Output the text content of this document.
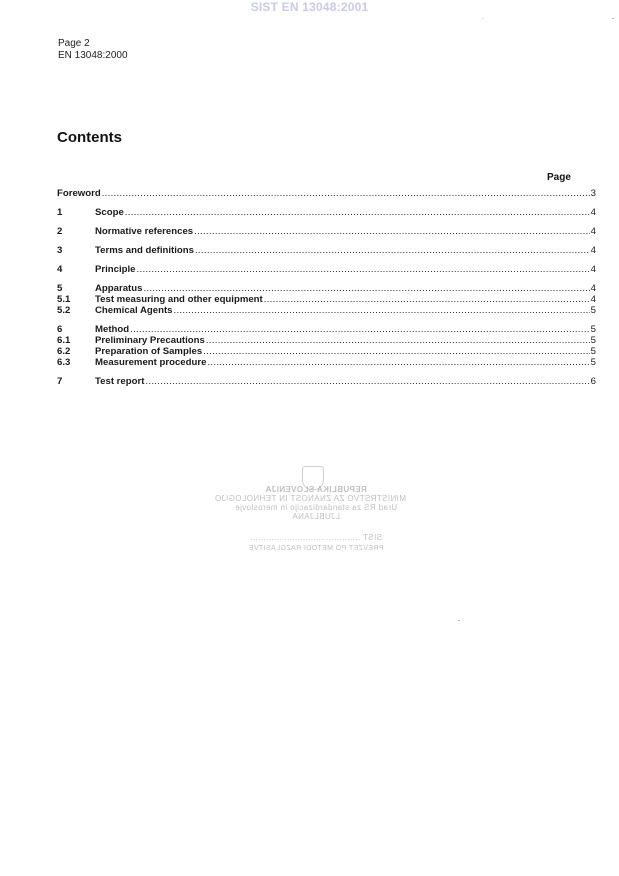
SIST EN 13048:2001
Page 2
EN 13048:2000
Contents
Page
Foreword .....	3
1	Scope .....	4
2	Normative references .....	4
3	Terms and definitions .....	4
4	Principle .....	4
5	Apparatus .....	4
5.1	Test measuring and other equipment .....	4
5.2	Chemical Agents .....	5
6	Method .....	5
6.1	Preliminary Precautions .....	5
6.2	Preparation of Samples .....	5
6.3	Measurement procedure .....	5
7	Test report .....	6
REPUBLIKA SLOVENIJA
MINISTRSTVO ZA ZNANOST IN TEHNOLOGIJO
Urad RS za standardizacijo in meroslovje
LJUBLJANA
SIST ..........................................
PREVZET PO METODI RAZGLASITVE
